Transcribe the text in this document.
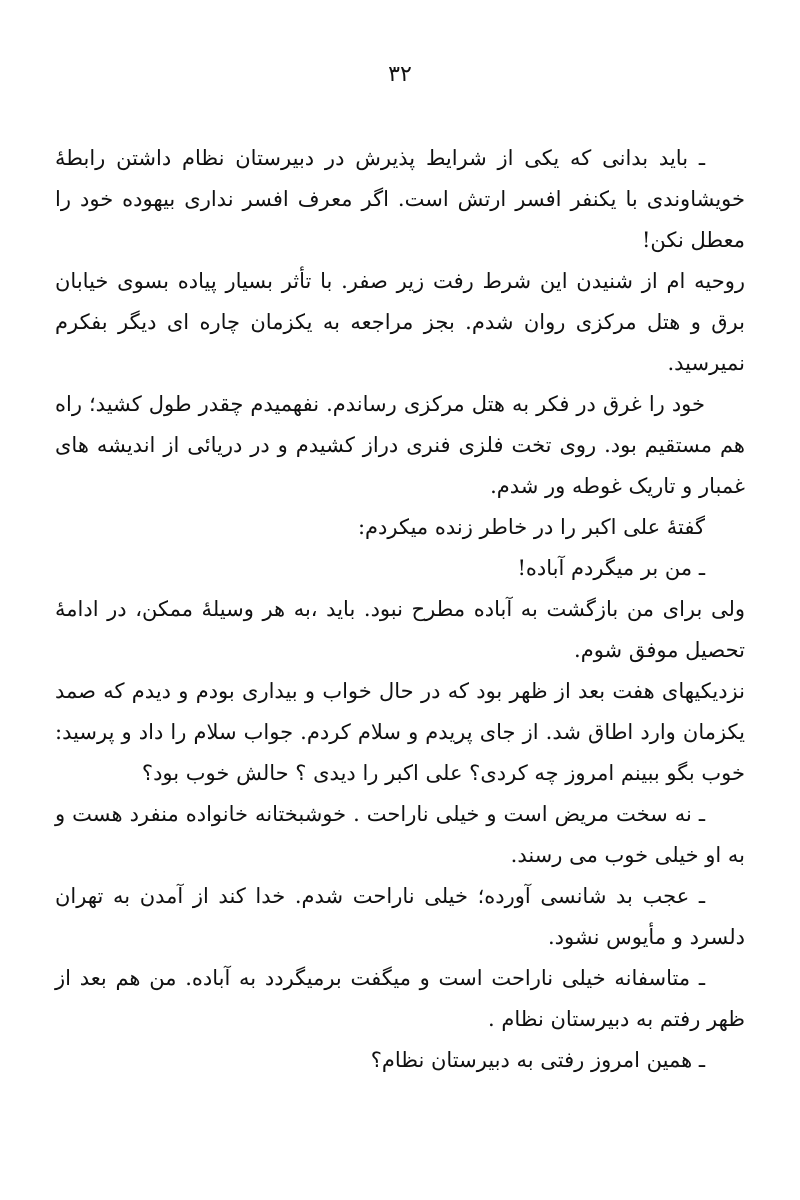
۳۲

ـ باید بدانی که یکی از شرایط پذیرش در دبیرستان نظام داشتن رابطهٔ خویشاوندی با یکنفر افسر ارتش است. اگر معرف افسر نداری بیهوده خود را معطل نکن!

روحیه ام از شنیدن این شرط رفت زیر صفر. با تأثر بسیار پیاده بسوی خیابان برق و هتل مرکزی روان شدم. بجز مراجعه به یکزمان چاره ای دیگر بفکرم نمیرسید.

خود را غرق در فکر به هتل مرکزی رساندم. نفهمیدم چقدر طول کشید؛ راه هم مستقیم بود. روی تخت فلزی فنری دراز کشیدم و در دریائی از اندیشه های غمبار و تاریک غوطه ور شدم.

گفتهٔ علی اکبر را در خاطر زنده میکردم:

ـ من بر میگردم آباده!

ولی برای من بازگشت به آباده مطرح نبود. باید ،به هر وسیلهٔ ممکن، در ادامهٔ تحصیل موفق شوم.

نزدیکیهای هفت بعد از ظهر بود که در حال خواب و بیداری بودم و دیدم که صمد یکزمان وارد اطاق شد. از جای پریدم و سلام کردم. جواب سلام را داد و پرسید: خوب بگو ببینم امروز چه کردی؟ علی اکبر را دیدی ؟ حالش خوب بود؟

ـ نه سخت مریض است و خیلی ناراحت . خوشبختانه خانواده منفرد هست و به او خیلی خوب می رسند.

ـ عجب بد شانسی آورده؛ خیلی ناراحت شدم. خدا کند از آمدن به تهران دلسرد و مأیوس نشود.

ـ متاسفانه خیلی ناراحت است و میگفت برمیگردد به آباده. من هم بعد از ظهر رفتم به دبیرستان نظام .

ـ همین امروز رفتی به دبیرستان نظام؟
